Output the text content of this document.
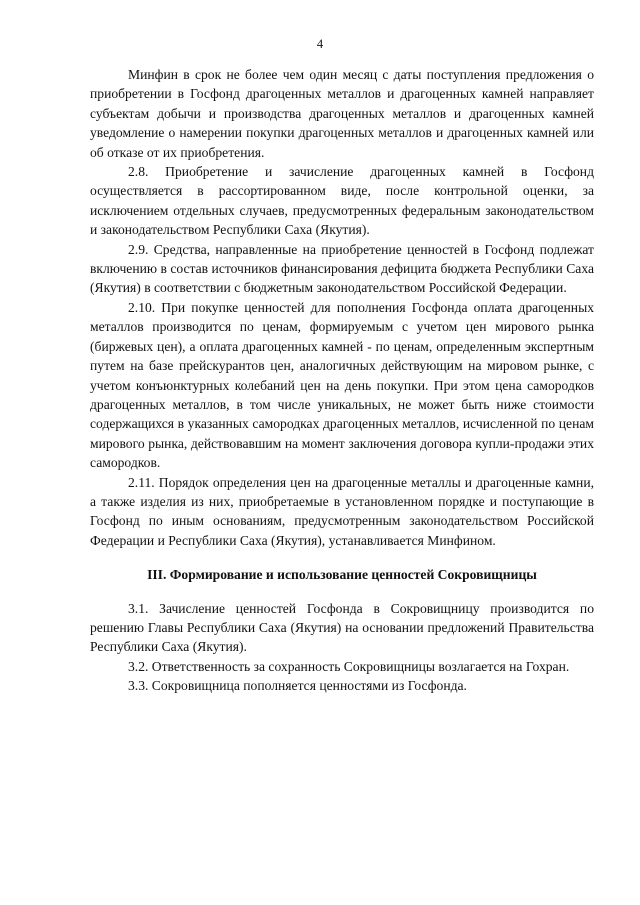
4

Минфин в срок не более чем один месяц с даты поступления предложения о приобретении в Госфонд драгоценных металлов и драгоценных камней направляет субъектам добычи и производства драгоценных металлов и драгоценных камней уведомление о намерении покупки драгоценных металлов и драгоценных камней или об отказе от их приобретения.

2.8. Приобретение и зачисление драгоценных камней в Госфонд осуществляется в рассортированном виде, после контрольной оценки, за исключением отдельных случаев, предусмотренных федеральным законодательством и законодательством Республики Саха (Якутия).

2.9. Средства, направленные на приобретение ценностей в Госфонд подлежат включению в состав источников финансирования дефицита бюджета Республики Саха (Якутия) в соответствии с бюджетным законодательством Российской Федерации.

2.10. При покупке ценностей для пополнения Госфонда оплата драгоценных металлов производится по ценам, формируемым с учетом цен мирового рынка (биржевых цен), а оплата драгоценных камней - по ценам, определенным экспертным путем на базе прейскурантов цен, аналогичных действующим на мировом рынке, с учетом конъюнктурных колебаний цен на день покупки. При этом цена самородков драгоценных металлов, в том числе уникальных, не может быть ниже стоимости содержащихся в указанных самородках драгоценных металлов, исчисленной по ценам мирового рынка, действовавшим на момент заключения договора купли-продажи этих самородков.

2.11. Порядок определения цен на драгоценные металлы и драгоценные камни, а также изделия из них, приобретаемые в установленном порядке и поступающие в Госфонд по иным основаниям, предусмотренным законодательством Российской Федерации и Республики Саха (Якутия), устанавливается Минфином.

III. Формирование и использование ценностей Сокровищницы

3.1. Зачисление ценностей Госфонда в Сокровищницу производится по решению Главы Республики Саха (Якутия) на основании предложений Правительства Республики Саха (Якутия).

3.2. Ответственность за сохранность Сокровищницы возлагается на Гохран.

3.3. Сокровищница пополняется ценностями из Госфонда.
